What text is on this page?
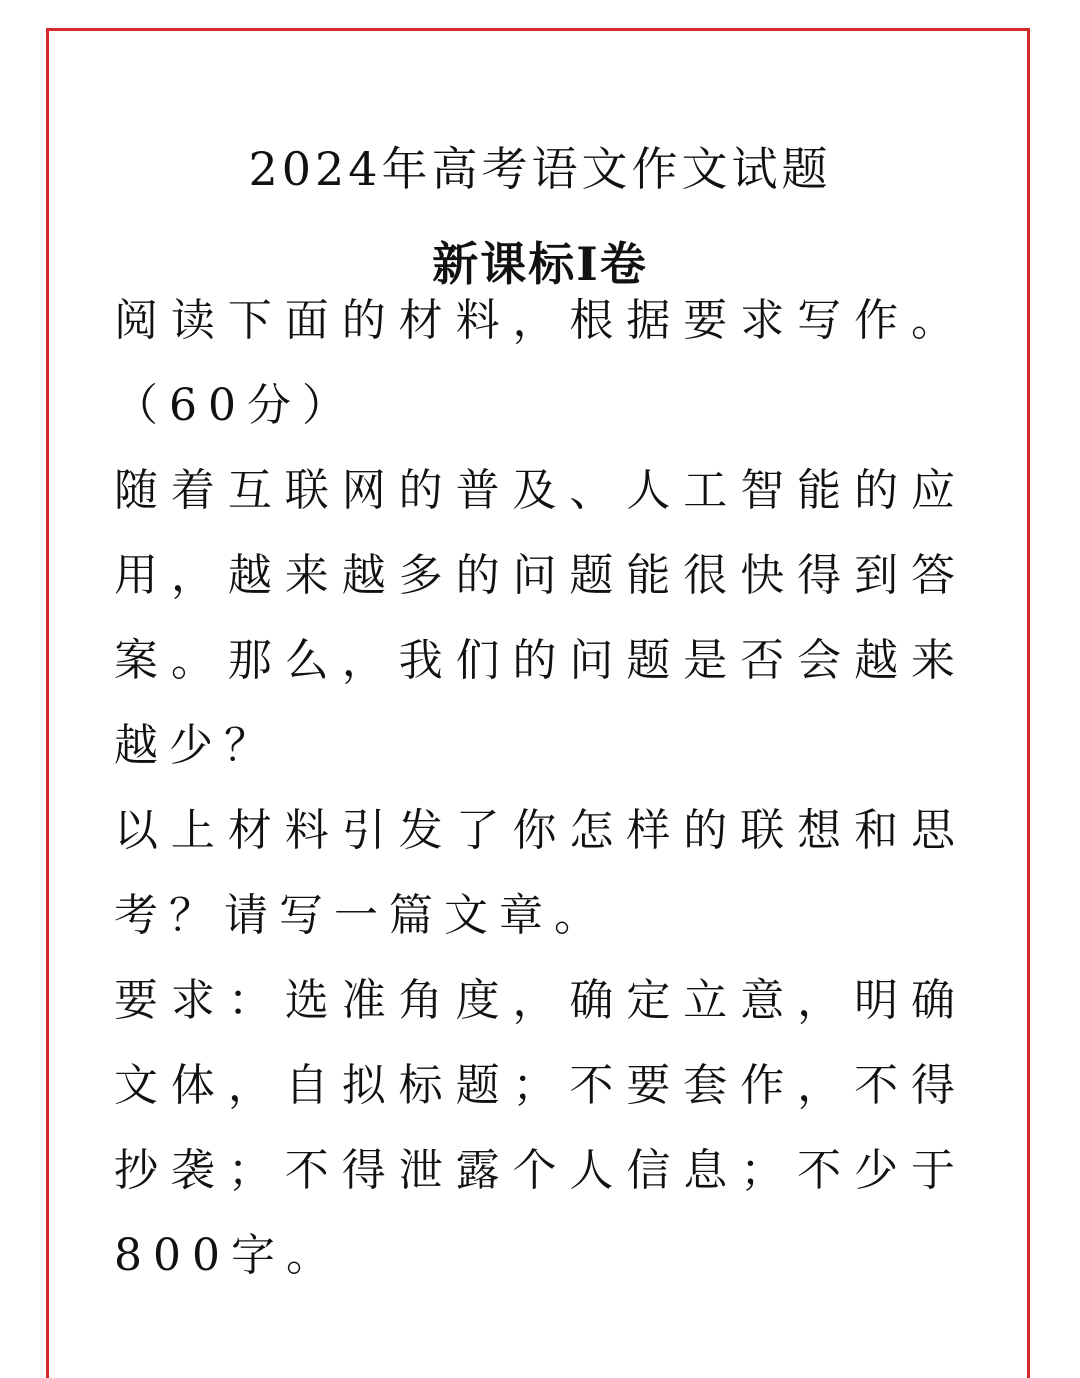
2024年高考语文作文试题
新课标I卷

阅读下面的材料，根据要求写作。（60分）

随着互联网的普及、人工智能的应用，越来越多的问题能很快得到答案。那么，我们的问题是否会越来越少？

以上材料引发了你怎样的联想和思考？请写一篇文章。

要求：选准角度，确定立意，明确文体，自拟标题；不要套作，不得抄袭；不得泄露个人信息；不少于800字。
